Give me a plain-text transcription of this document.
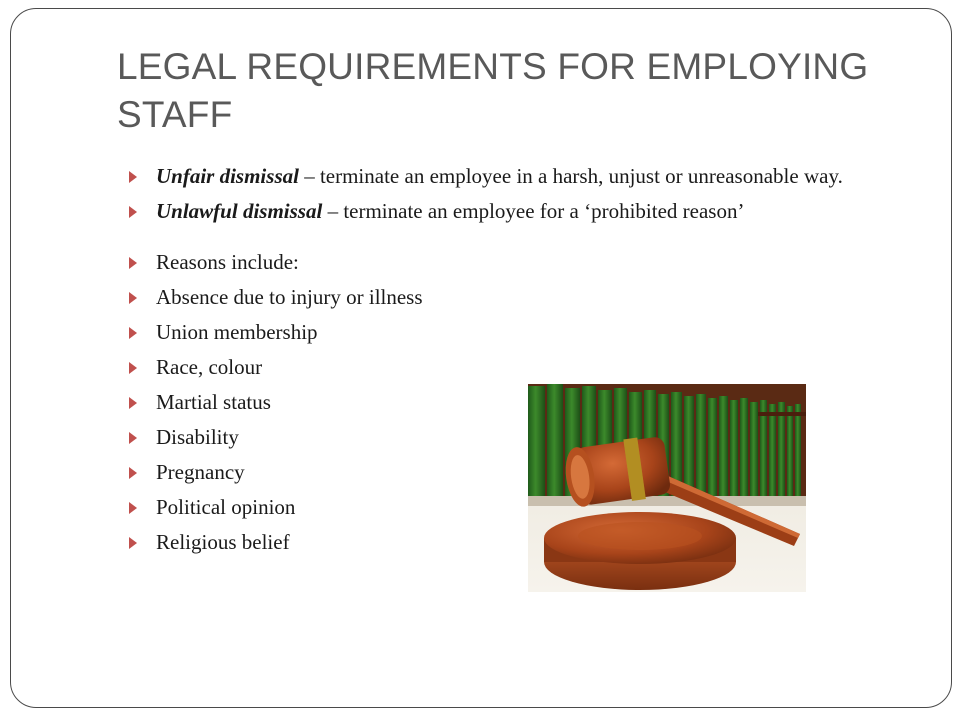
LEGAL REQUIREMENTS FOR EMPLOYING STAFF
Unfair dismissal – terminate an employee in a harsh, unjust or unreasonable way.
Unlawful dismissal – terminate an employee for a ‘prohibited reason’
Reasons include:
Absence due to injury or illness
Union membership
Race, colour
Martial status
Disability
Pregnancy
Political opinion
Religious belief
